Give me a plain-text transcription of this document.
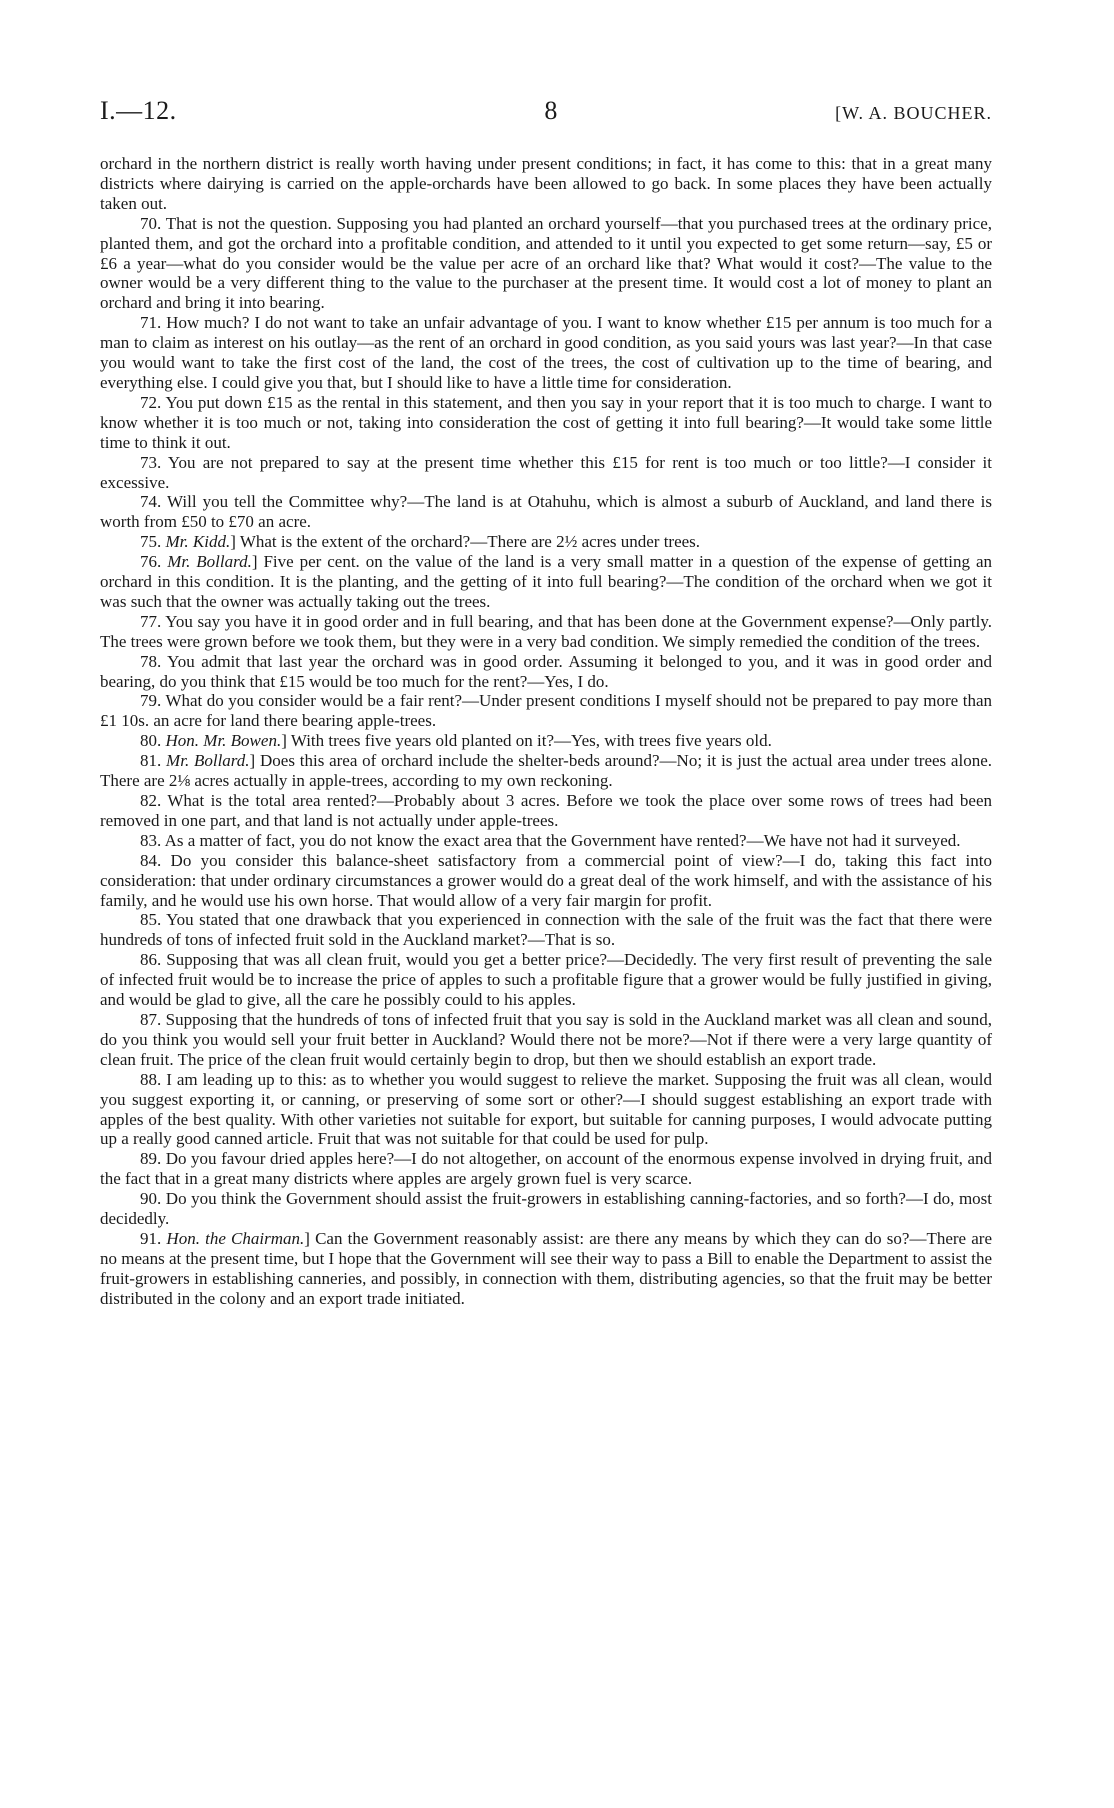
I.—12.	8	[W. A. BOUCHER.

orchard in the northern district is really worth having under present conditions; in fact, it has come to this: that in a great many districts where dairying is carried on the apple-orchards have been allowed to go back. In some places they have been actually taken out.

70. That is not the question. Supposing you had planted an orchard yourself—that you purchased trees at the ordinary price, planted them, and got the orchard into a profitable condition, and attended to it until you expected to get some return—say, £5 or £6 a year—what do you consider would be the value per acre of an orchard like that? What would it cost?—The value to the owner would be a very different thing to the value to the purchaser at the present time. It would cost a lot of money to plant an orchard and bring it into bearing.

71. How much? I do not want to take an unfair advantage of you. I want to know whether £15 per annum is too much for a man to claim as interest on his outlay—as the rent of an orchard in good condition, as you said yours was last year?—In that case you would want to take the first cost of the land, the cost of the trees, the cost of cultivation up to the time of bearing, and everything else. I could give you that, but I should like to have a little time for consideration.

72. You put down £15 as the rental in this statement, and then you say in your report that it is too much to charge. I want to know whether it is too much or not, taking into consideration the cost of getting it into full bearing?—It would take some little time to think it out.

73. You are not prepared to say at the present time whether this £15 for rent is too much or too little?—I consider it excessive.

74. Will you tell the Committee why?—The land is at Otahuhu, which is almost a suburb of Auckland, and land there is worth from £50 to £70 an acre.

75. Mr. Kidd.] What is the extent of the orchard?—There are 2½ acres under trees.

76. Mr. Bollard.] Five per cent. on the value of the land is a very small matter in a question of the expense of getting an orchard in this condition. It is the planting, and the getting of it into full bearing?—The condition of the orchard when we got it was such that the owner was actually taking out the trees.

77. You say you have it in good order and in full bearing, and that has been done at the Government expense?—Only partly. The trees were grown before we took them, but they were in a very bad condition. We simply remedied the condition of the trees.

78. You admit that last year the orchard was in good order. Assuming it belonged to you, and it was in good order and bearing, do you think that £15 would be too much for the rent?—Yes, I do.

79. What do you consider would be a fair rent?—Under present conditions I myself should not be prepared to pay more than £1 10s. an acre for land there bearing apple-trees.

80. Hon. Mr. Bowen.] With trees five years old planted on it?—Yes, with trees five years old.

81. Mr. Bollard.] Does this area of orchard include the shelter-beds around?—No; it is just the actual area under trees alone. There are 2⅛ acres actually in apple-trees, according to my own reckoning.

82. What is the total area rented?—Probably about 3 acres. Before we took the place over some rows of trees had been removed in one part, and that land is not actually under apple-trees.

83. As a matter of fact, you do not know the exact area that the Government have rented?—We have not had it surveyed.

84. Do you consider this balance-sheet satisfactory from a commercial point of view?—I do, taking this fact into consideration: that under ordinary circumstances a grower would do a great deal of the work himself, and with the assistance of his family, and he would use his own horse. That would allow of a very fair margin for profit.

85. You stated that one drawback that you experienced in connection with the sale of the fruit was the fact that there were hundreds of tons of infected fruit sold in the Auckland market?—That is so.

86. Supposing that was all clean fruit, would you get a better price?—Decidedly. The very first result of preventing the sale of infected fruit would be to increase the price of apples to such a profitable figure that a grower would be fully justified in giving, and would be glad to give, all the care he possibly could to his apples.

87. Supposing that the hundreds of tons of infected fruit that you say is sold in the Auckland market was all clean and sound, do you think you would sell your fruit better in Auckland? Would there not be more?—Not if there were a very large quantity of clean fruit. The price of the clean fruit would certainly begin to drop, but then we should establish an export trade.

88. I am leading up to this: as to whether you would suggest to relieve the market. Supposing the fruit was all clean, would you suggest exporting it, or canning, or preserving of some sort or other?—I should suggest establishing an export trade with apples of the best quality. With other varieties not suitable for export, but suitable for canning purposes, I would advocate putting up a really good canned article. Fruit that was not suitable for that could be used for pulp.

89. Do you favour dried apples here?—I do not altogether, on account of the enormous expense involved in drying fruit, and the fact that in a great many districts where apples are argely grown fuel is very scarce.

90. Do you think the Government should assist the fruit-growers in establishing canning-factories, and so forth?—I do, most decidedly.

91. Hon. the Chairman.] Can the Government reasonably assist: are there any means by which they can do so?—There are no means at the present time, but I hope that the Government will see their way to pass a Bill to enable the Department to assist the fruit-growers in establishing canneries, and possibly, in connection with them, distributing agencies, so that the fruit may be better distributed in the colony and an export trade initiated.
